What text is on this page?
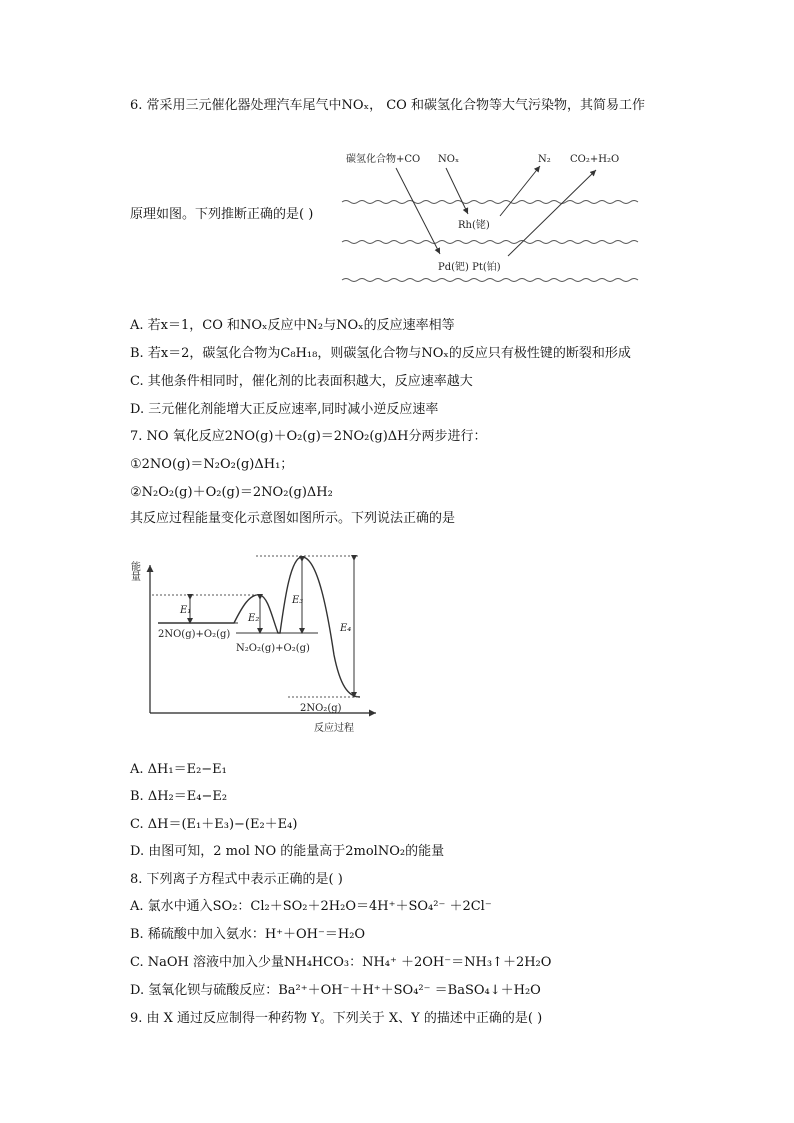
6. 常采用三元催化器处理汽车尾气中NOₓ， CO 和碳氢化合物等大气污染物，其简易工作
碳氢化合物+CO NOₓ	N₂ CO₂+H₂O
Rh(铑)
Pd(钯) Pt(铂)
原理如图。下列推断正确的是( )
A. 若x＝1，CO 和NOₓ反应中N₂与NOₓ的反应速率相等
B. 若x＝2，碳氢化合物为C₈H₁₈，则碳氢化合物与NOₓ的反应只有极性键的断裂和形成
C. 其他条件相同时，催化剂的比表面积越大，反应速率越大
D. 三元催化剂能增大正反应速率,同时减小逆反应速率
7. NO 氧化反应2NO(g)＋O₂(g)＝2NO₂(g)ΔH分两步进行：
①2NO(g)＝N₂O₂(g)ΔH₁；
②N₂O₂(g)＋O₂(g)＝2NO₂(g)ΔH₂
其反应过程能量变化示意图如图所示。下列说法正确的是
能量
反应过程
E₁
E₂
E₃
E₄
2NO(g)+O₂(g)
N₂O₂(g)+O₂(g)
2NO₂(g)
A. ΔH₁＝E₂−E₁
B. ΔH₂＝E₄−E₂
C. ΔH＝(E₁＋E₃)−(E₂＋E₄)
D. 由图可知，2 mol NO 的能量高于2molNO₂的能量
8. 下列离子方程式中表示正确的是( )
A. 氯水中通入SO₂：Cl₂＋SO₂＋2H₂O＝4H⁺＋SO₄²⁻ ＋2Cl⁻
B. 稀硫酸中加入氨水：H⁺＋OH⁻＝H₂O
C. NaOH 溶液中加入少量NH₄HCO₃：NH₄⁺ ＋2OH⁻＝NH₃↑＋2H₂O
D. 氢氧化钡与硫酸反应：Ba²⁺＋OH⁻＋H⁺＋SO₄²⁻ ＝BaSO₄↓＋H₂O
9. 由 X 通过反应制得一种药物 Y。下列关于 X、Y 的描述中正确的是( )
